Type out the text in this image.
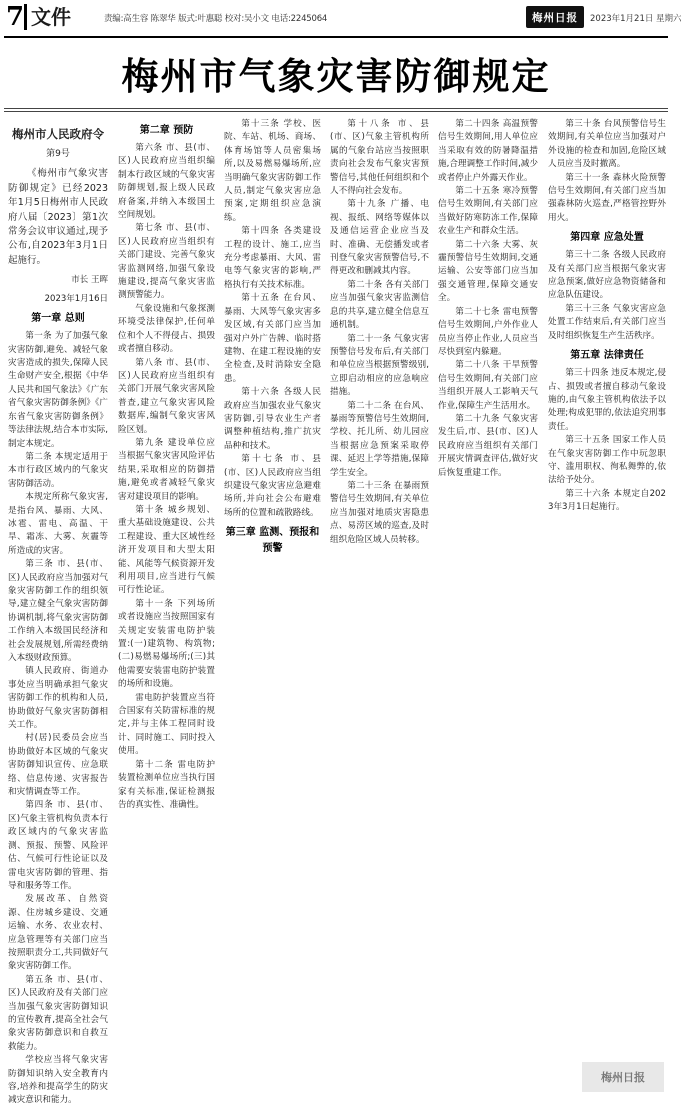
7 文件	责编:高生容 陈翠华 版式:叶惠聪 校对:吴小文 电话:2245064	梅州日报	2023年1月21日 星期六
梅州市气象灾害防御规定
梅州市人民政府令
第9号

《梅州市气象灾害防御规定》已经2023年1月5日梅州市人民政府八届〔2023〕第1次常务会议审议通过,现予公布,自2023年3月1日起施行。

市长 王晖
2023年1月16日
第一章 总则

第一条 为了加强气象灾害防御,避免、减轻气象灾害造成的损失,保障人民生命财产安全,根据《中华人民共和国气象法》《广东省气象灾害防御条例》《广东省气象灾害防御条例》等法律法规,结合本市实际,制定本规定。

第二条 本规定适用于本市行政区域内的气象灾害防御活动。

本规定所称气象灾害,是指台风、暴雨、大风、冰雹、雷电、高温、干旱、霜冻、大雾、灰霾等所造成的灾害。

第三条 市、县(市、区)人民政府应当加强对气象灾害防御工作的组织领导,建立健全气象灾害防御协调机制,将气象灾害防御工作纳入本级国民经济和社会发展规划,所需经费纳入本级财政预算。

镇人民政府、街道办事处应当明确承担气象灾害防御工作的机构和人员,协助做好气象灾害防御相关工作。

村(居)民委员会应当协助做好本区域的气象灾害防御知识宣传、应急联络、信息传递、灾害报告和灾情调查等工作。

第四条 市、县(市、区)气象主管机构负责本行政区域内的气象灾害监测、预报、预警、风险评估、气候可行性论证以及雷电灾害防御的管理、指导和服务等工作。

发展改革、自然资源、住房城乡建设、交通运输、水务、农业农村、应急管理等有关部门应当按照职责分工,共同做好气象灾害防御工作。

第五条 市、县(市、区)人民政府及有关部门应当加强气象灾害防御知识的宣传教育,提高全社会气象灾害防御意识和自救互救能力。

学校应当将气象灾害防御知识纳入安全教育内容,培养和提高学生的防灾减灾意识和能力。

第二章 预防

第六条 市、县(市、区)人民政府应当组织编制本行政区域的气象灾害防御规划,报上级人民政府备案,并纳入本级国土空间规划。

第七条 市、县(市、区)人民政府应当组织有关部门建设、完善气象灾害监测网络,加强气象设施建设,提高气象灾害监测预警能力。

气象设施和气象探测环境受法律保护,任何单位和个人不得侵占、损毁或者擅自移动。

第八条 市、县(市、区)人民政府应当组织有关部门开展气象灾害风险普查,建立气象灾害风险数据库,编制气象灾害风险区划。

第九条 建设单位应当根据气象灾害风险评估结果,采取相应的防御措施,避免或者减轻气象灾害对建设项目的影响。

第十条 城乡规划、重大基础设施建设、公共工程建设、重大区域性经济开发项目和大型太阳能、风能等气候资源开发利用项目,应当进行气候可行性论证。

第十一条 下列场所或者设施应当按照国家有关规定安装雷电防护装置:(一)建筑物、构筑物;(二)易燃易爆场所;(三)其他需要安装雷电防护装置的场所和设施。

雷电防护装置应当符合国家有关防雷标准的规定,并与主体工程同时设计、同时施工、同时投入使用。

第十二条 雷电防护装置检测单位应当执行国家有关标准,保证检测报告的真实性、准确性。

第十三条 学校、医院、车站、机场、商场、体育场馆等人员密集场所,以及易燃易爆场所,应当明确气象灾害防御工作人员,制定气象灾害应急预案,定期组织应急演练。

第十四条 各类建设工程的设计、施工,应当充分考虑暴雨、大风、雷电等气象灾害的影响,严格执行有关技术标准。

第十五条 在台风、暴雨、大风等气象灾害多发区域,有关部门应当加强对户外广告牌、临时搭建物、在建工程设施的安全检查,及时消除安全隐患。

第十六条 各级人民政府应当加强农业气象灾害防御,引导农业生产者调整种植结构,推广抗灾品种和技术。

第十七条 市、县(市、区)人民政府应当组织建设气象灾害应急避难场所,并向社会公布避难场所的位置和疏散路线。

第三章 监测、预报和预警

第十八条 市、县(市、区)气象主管机构所属的气象台站应当按照职责向社会发布气象灾害预警信号,其他任何组织和个人不得向社会发布。

第十九条 广播、电视、报纸、网络等媒体以及通信运营企业应当及时、准确、无偿播发或者刊登气象灾害预警信号,不得更改和删减其内容。

第二十条 各有关部门应当加强气象灾害监测信息的共享,建立健全信息互通机制。

第二十一条 气象灾害预警信号发布后,有关部门和单位应当根据预警级别,立即启动相应的应急响应措施。

第二十二条 在台风、暴雨等预警信号生效期间,学校、托儿所、幼儿园应当根据应急预案采取停课、延迟上学等措施,保障学生安全。

第二十三条 在暴雨预警信号生效期间,有关单位应当加强对地质灾害隐患点、易涝区域的巡查,及时组织危险区域人员转移。

第二十四条 高温预警信号生效期间,用人单位应当采取有效的防暑降温措施,合理调整工作时间,减少或者停止户外露天作业。

第二十五条 寒冷预警信号生效期间,有关部门应当做好防寒防冻工作,保障农业生产和群众生活。

第二十六条 大雾、灰霾预警信号生效期间,交通运输、公安等部门应当加强交通管理,保障交通安全。

第二十七条 雷电预警信号生效期间,户外作业人员应当停止作业,人员应当尽快到室内躲避。

第二十八条 干旱预警信号生效期间,有关部门应当组织开展人工影响天气作业,保障生产生活用水。

第二十九条 气象灾害发生后,市、县(市、区)人民政府应当组织有关部门开展灾情调查评估,做好灾后恢复重建工作。

第三十条 台风预警信号生效期间,有关单位应当加强对户外设施的检查和加固,危险区域人员应当及时撤离。

第三十一条 森林火险预警信号生效期间,有关部门应当加强森林防火巡查,严格管控野外用火。

第四章 应急处置

第三十二条 各级人民政府及有关部门应当根据气象灾害应急预案,做好应急物资储备和应急队伍建设。

第三十三条 气象灾害应急处置工作结束后,有关部门应当及时组织恢复生产生活秩序。

第五章 法律责任

第三十四条 违反本规定,侵占、损毁或者擅自移动气象设施的,由气象主管机构依法予以处理;构成犯罪的,依法追究刑事责任。

第三十五条 国家工作人员在气象灾害防御工作中玩忽职守、滥用职权、徇私舞弊的,依法给予处分。

第三十六条 本规定自2023年3月1日起施行。

梅州日报
